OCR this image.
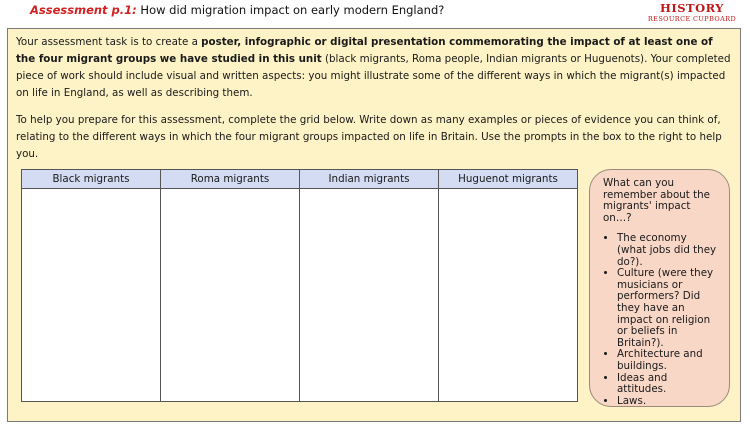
Assessment p.1: How did migration impact on early modern England?	HISTORY
RESOURCE CUPBOARD

Your assessment task is to create a poster, infographic or digital presentation commemorating the impact of at least one of the four migrant groups we have studied in this unit (black migrants, Roma people, Indian migrants or Huguenots). Your completed piece of work should include visual and written aspects: you might illustrate some of the different ways in which the migrant(s) impacted on life in England, as well as describing them.

To help you prepare for this assessment, complete the grid below. Write down as many examples or pieces of evidence you can think of, relating to the different ways in which the four migrant groups impacted on life in Britain. Use the prompts in the box to the right to help you.

Black migrants	Roma migrants	Indian migrants	Huguenot migrants	What can you remember about the migrants' impact on…?
• The economy (what jobs did they do?).
• Culture (were they musicians or performers? Did they have an impact on religion or beliefs in Britain?).
• Architecture and buildings.
• Ideas and attitudes.
• Laws.
